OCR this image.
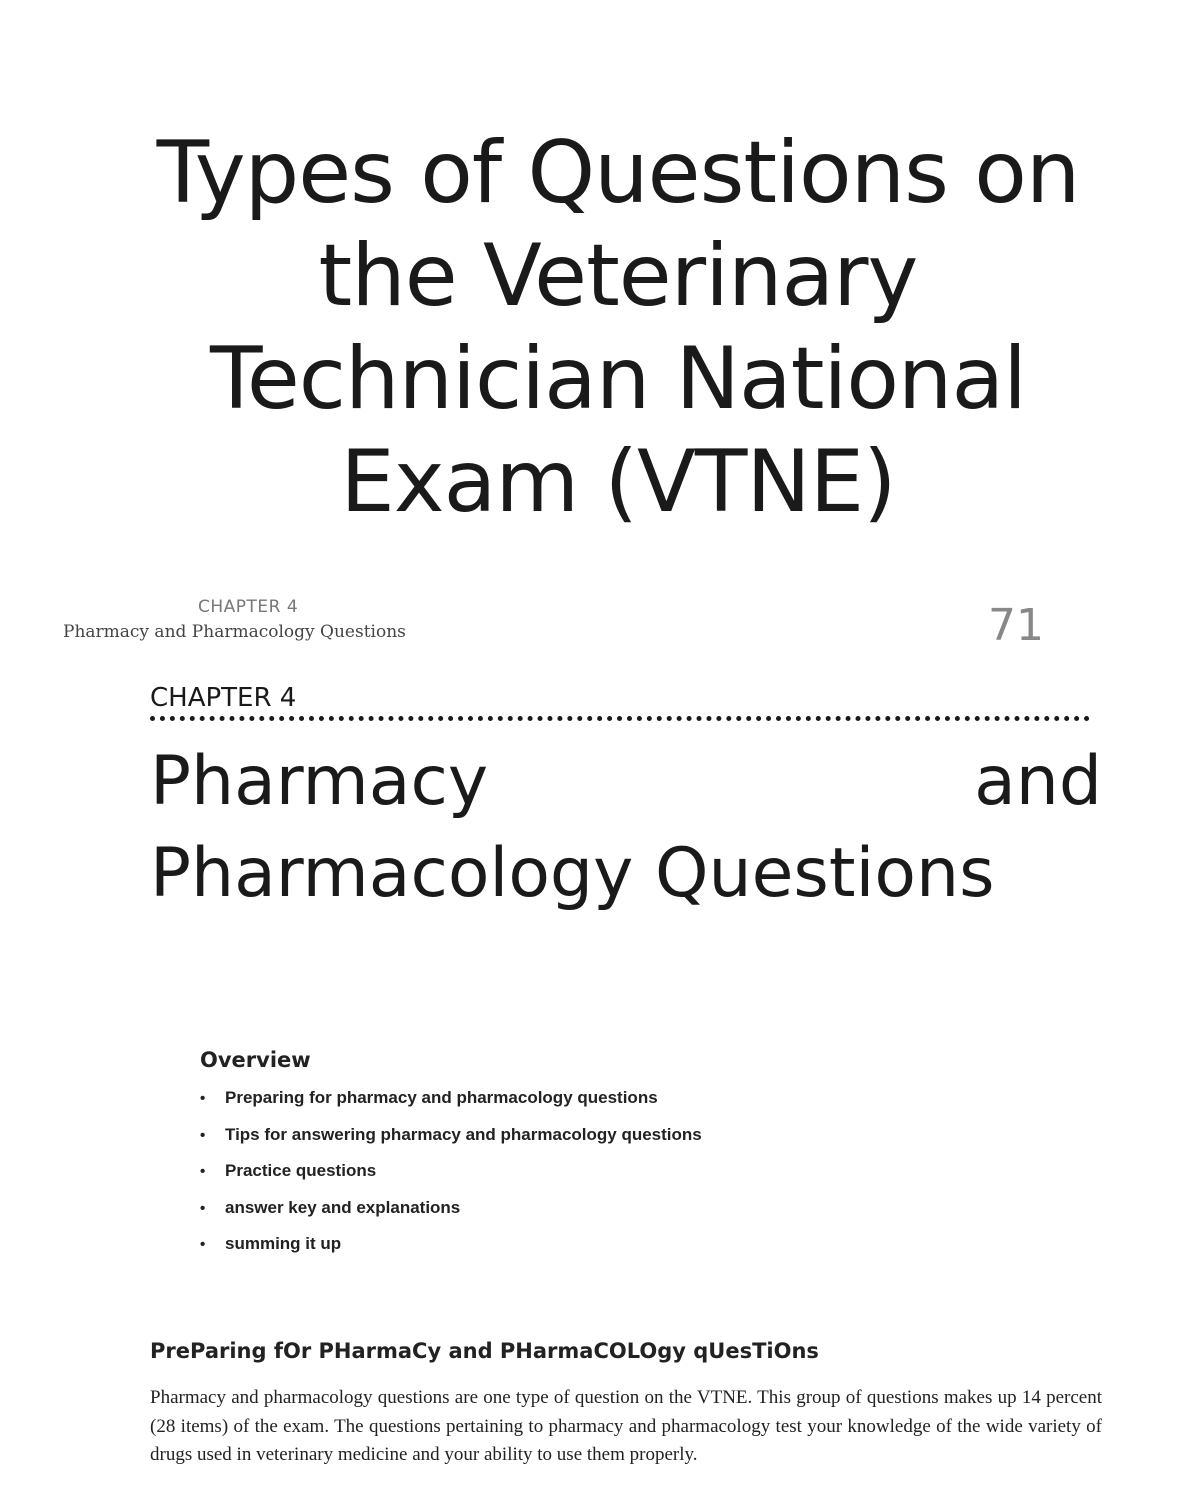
Types of Questions on
the Veterinary
Technician National
Exam (VTNE)
CHAPTER 4
Pharmacy and Pharmacology Questions	71
CHAPTER 4
Pharmacy	and
Pharmacology Questions
Overview
• Preparing for pharmacy and pharmacology questions
• Tips for answering pharmacy and pharmacology questions
• Practice questions
• answer key and explanations
• summing it up
PreParing fOr PHarmaCy and PHarmaCOLOgy qUesTiOns

Pharmacy and pharmacology questions are one type of question on the VTNE. This group of questions makes up 14 percent (28 items) of the exam. The questions pertaining to pharmacy and pharmacology test your knowledge of the wide variety of drugs used in veterinary medicine and your ability to use them properly.
